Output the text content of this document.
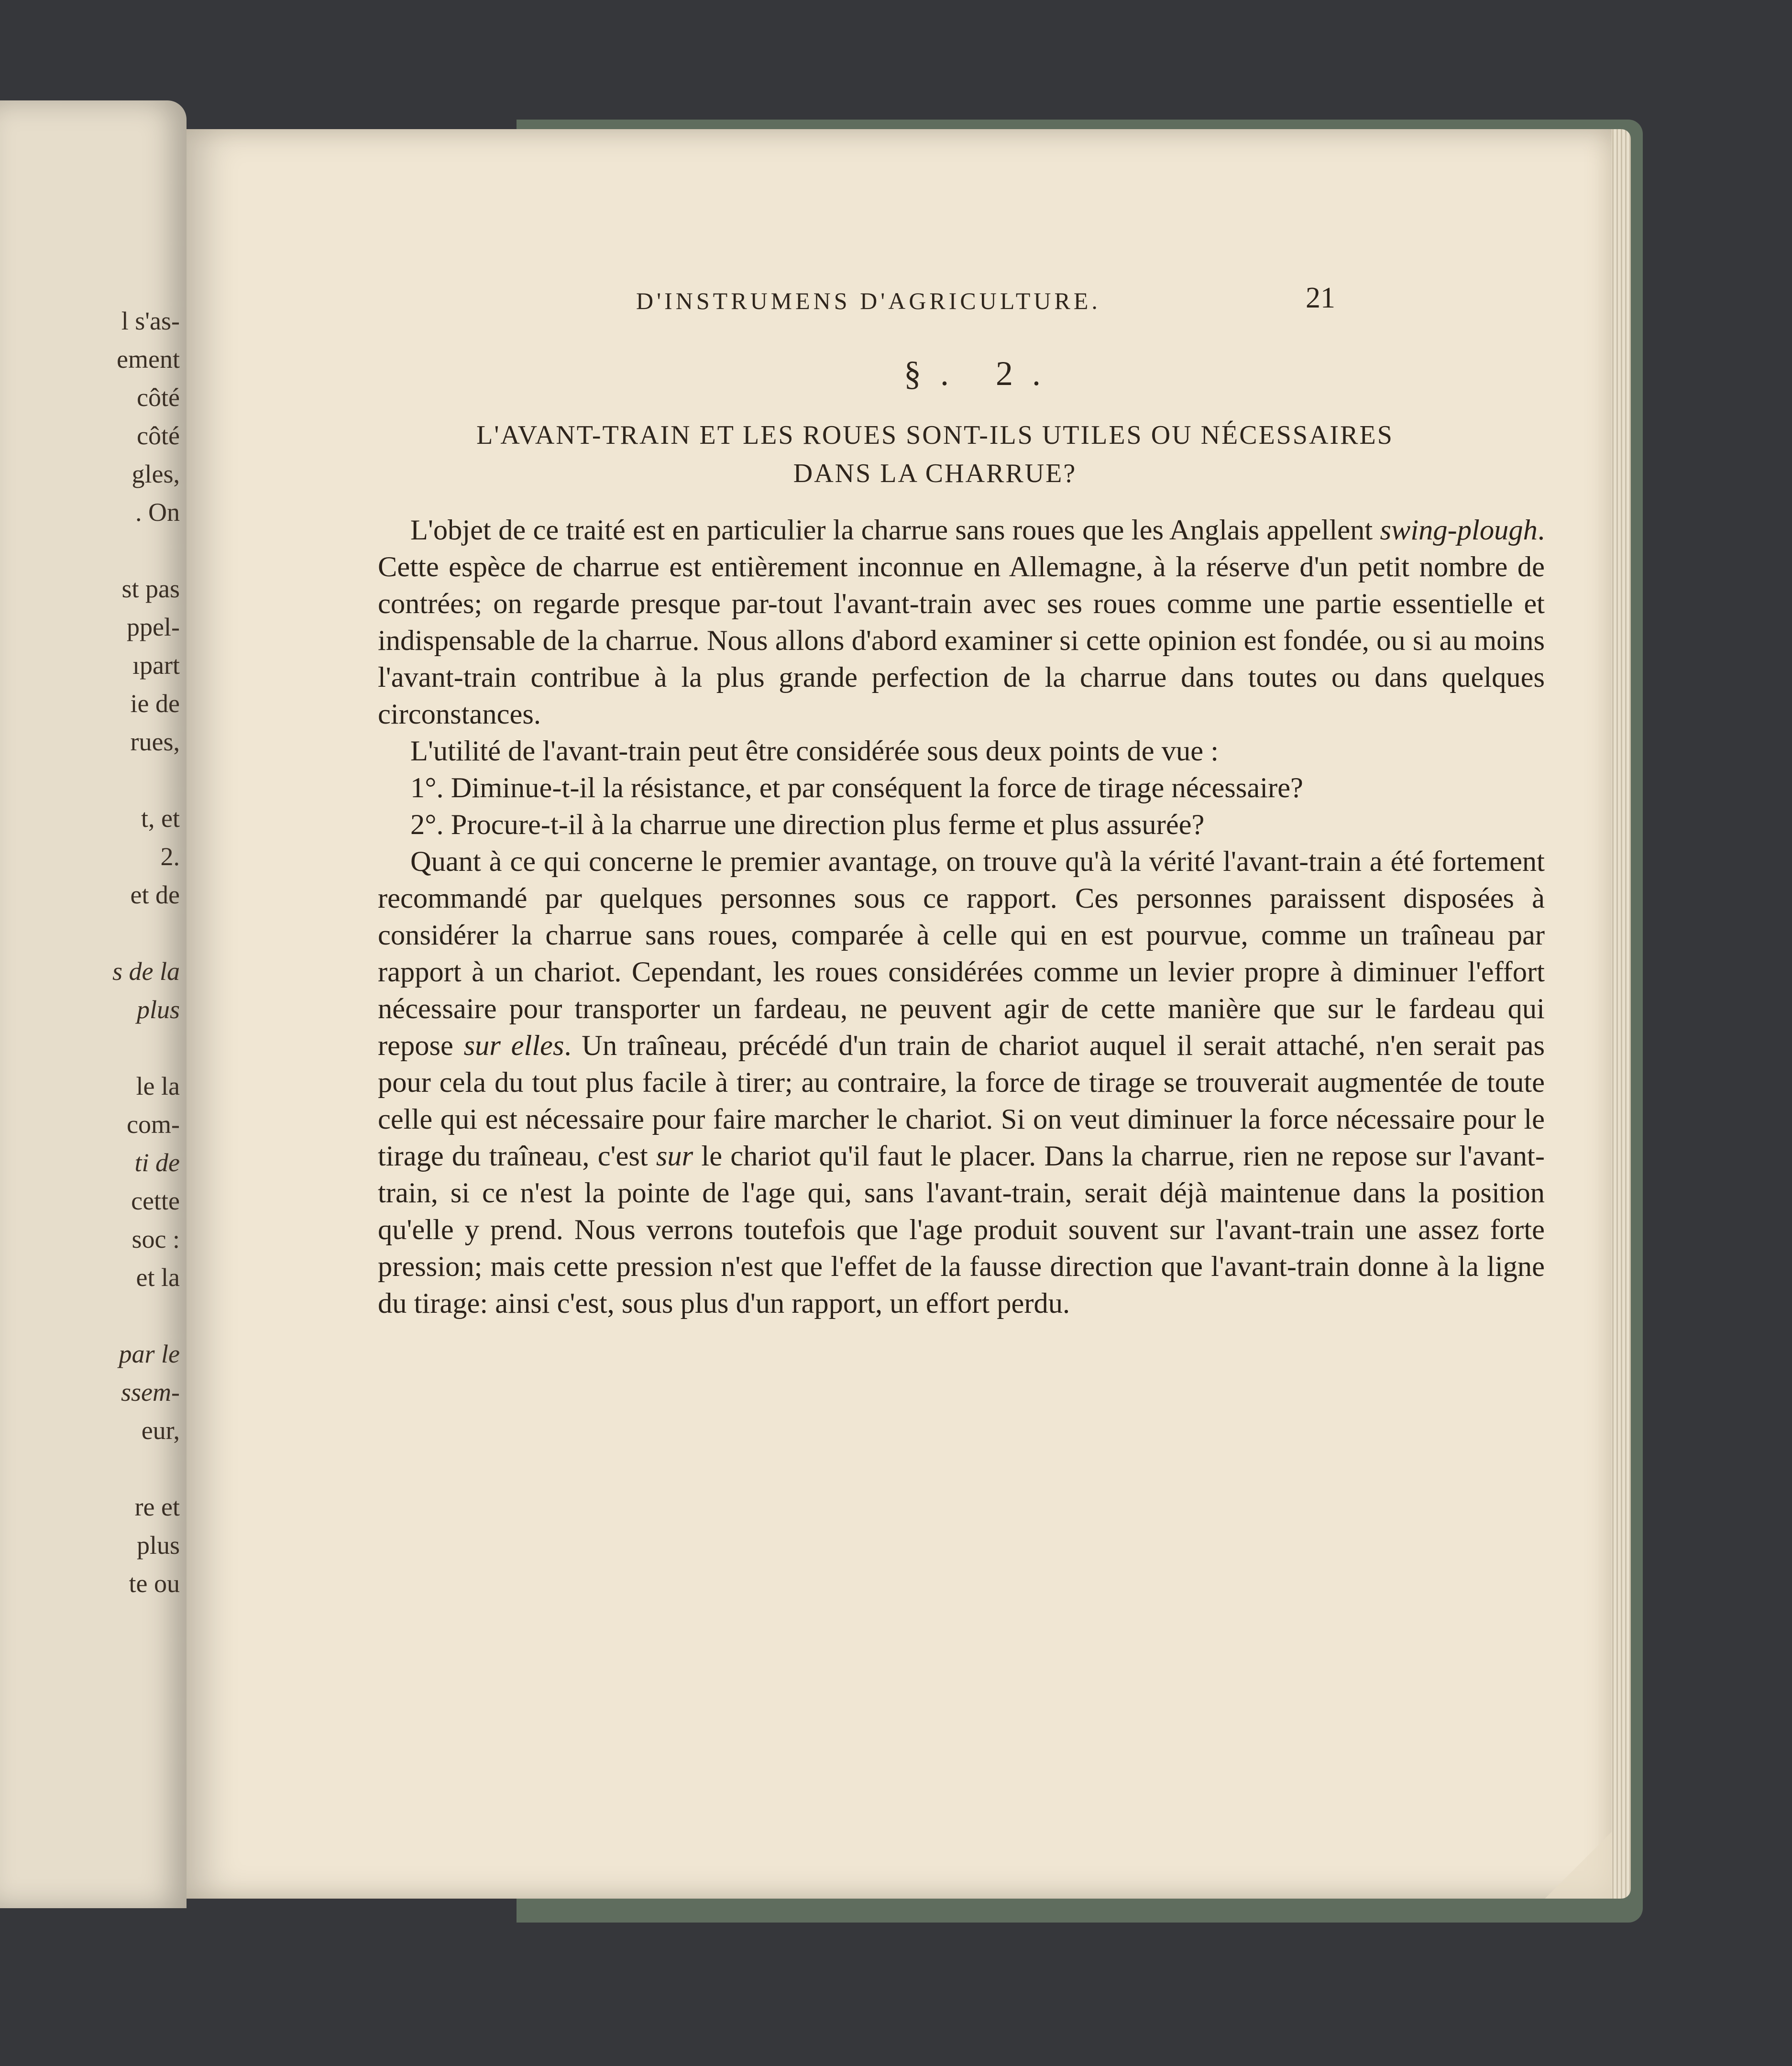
l s'as-

ement

côté

côté

gles,

. On

st pas

ppel-

ıpart

ie de

rues,

t, et

2.

et de

s de la

plus

le la

com-

ti de

cette

soc :

et la

par le

ssem-

eur,

re et

plus

te ou

D'INSTRUMENS D'AGRICULTURE.	21

§. 2.

L'AVANT-TRAIN ET LES ROUES SONT-ILS UTILES OU NÉCESSAIRES
DANS LA CHARRUE?

L'objet de ce traité est en particulier la charrue sans roues que les Anglais appellent swing-plough. Cette espèce de charrue est entièrement inconnue en Allemagne, à la réserve d'un petit nombre de contrées; on regarde presque par-tout l'avant-train avec ses roues comme une partie essentielle et indispensable de la charrue. Nous allons d'abord examiner si cette opinion est fondée, ou si au moins l'avant-train contribue à la plus grande perfection de la charrue dans toutes ou dans quelques circonstances.

L'utilité de l'avant-train peut être considérée sous deux points de vue :

1°. Diminue-t-il la résistance, et par conséquent la force de tirage nécessaire?

2°. Procure-t-il à la charrue une direction plus ferme et plus assurée?

Quant à ce qui concerne le premier avantage, on trouve qu'à la vérité l'avant-train a été fortement recommandé par quelques personnes sous ce rapport. Ces personnes paraissent disposées à considérer la charrue sans roues, comparée à celle qui en est pourvue, comme un traîneau par rapport à un chariot. Cependant, les roues considérées comme un levier propre à diminuer l'effort nécessaire pour transporter un fardeau, ne peuvent agir de cette manière que sur le fardeau qui repose sur elles. Un traîneau, précédé d'un train de chariot auquel il serait attaché, n'en serait pas pour cela du tout plus facile à tirer; au contraire, la force de tirage se trouverait augmentée de toute celle qui est nécessaire pour faire marcher le chariot. Si on veut diminuer la force nécessaire pour le tirage du traîneau, c'est sur le chariot qu'il faut le placer. Dans la charrue, rien ne repose sur l'avant-train, si ce n'est la pointe de l'age qui, sans l'avant-train, serait déjà maintenue dans la position qu'elle y prend. Nous verrons toutefois que l'age produit souvent sur l'avant-train une assez forte pression; mais cette pression n'est que l'effet de la fausse direction que l'avant-train donne à la ligne du tirage: ainsi c'est, sous plus d'un rapport, un effort perdu.
